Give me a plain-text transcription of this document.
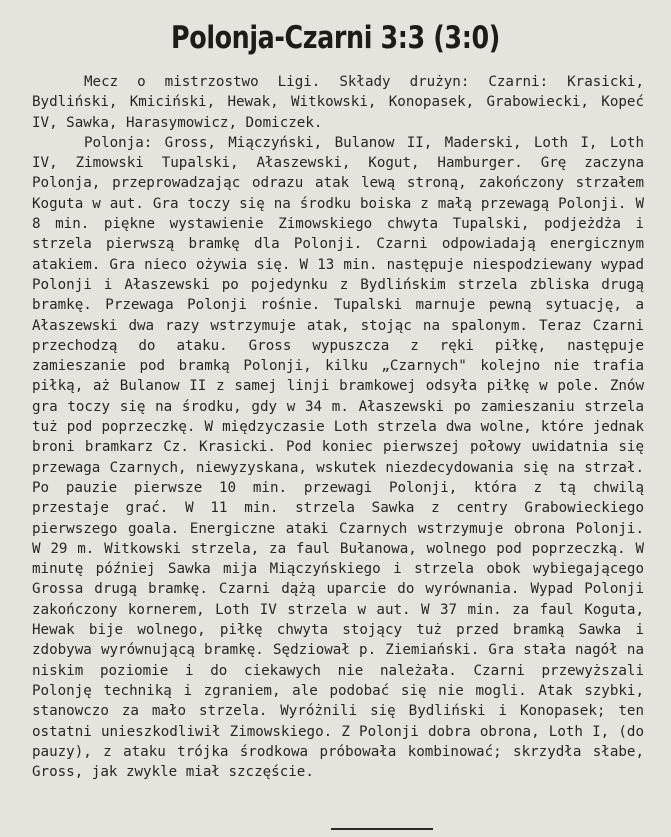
Polonja-Czarni 3:3 (3:0)

Mecz o mistrzostwo Ligi. Składy drużyn: Czarni: Krasicki, Bydliński, Kmiciński, Hewak, Witkowski, Konopasek, Grabowiecki, Kopeć IV, Sawka, Harasymowicz, Domiczek.

Polonja: Gross, Miączyński, Bulanow II, Maderski, Loth I, Loth IV, Zimowski Tupalski, Ałaszewski, Kogut, Hamburger. Grę zaczyna Polonja, przeprowadzając odrazu atak lewą stroną, zakończony strzałem Koguta w aut. Gra toczy się na środku boiska z małą przewagą Polonji. W 8 min. piękne wystawienie Zimowskiego chwyta Tupalski, podjeżdża i strzela pierwszą bramkę dla Polonji. Czarni odpowiadają energicznym atakiem. Gra nieco ożywia się. W 13 min. następuje niespodziewany wypad Polonji i Ałaszewski po pojedynku z Bydlińskim strzela zbliska drugą bramkę. Przewaga Polonji rośnie. Tupalski marnuje pewną sytuację, a Ałaszewski dwa razy wstrzymuje atak, stojąc na spalonym. Teraz Czarni przechodzą do ataku. Gross wypuszcza z ręki piłkę, następuje zamieszanie pod bramką Polonji, kilku „Czarnych" kolejno nie trafia piłką, aż Bulanow II z samej linji bramkowej odsyła piłkę w pole. Znów gra toczy się na środku, gdy w 34 m. Ałaszewski po zamieszaniu strzela tuż pod poprzeczkę. W międzyczasie Loth strzela dwa wolne, które jednak broni bramkarz Cz. Krasicki. Pod koniec pierwszej połowy uwidatnia się przewaga Czarnych, niewyzyskana, wskutek niezdecydowania się na strzał. Po pauzie pierwsze 10 min. przewagi Polonji, która z tą chwilą przestaje grać. W 11 min. strzela Sawka z centry Grabowieckiego pierwszego goala. Energiczne ataki Czarnych wstrzymuje obrona Polonji. W 29 m. Witkowski strzela, za faul Bułanowa, wolnego pod poprzeczką. W minutę później Sawka mija Miączyńskiego i strzela obok wybiegającego Grossa drugą bramkę. Czarni dążą uparcie do wyrównania. Wypad Polonji zakończony kornerem, Loth IV strzela w aut. W 37 min. za faul Koguta, Hewak bije wolnego, piłkę chwyta stojący tuż przed bramką Sawka i zdobywa wyrównującą bramkę. Sędziował p. Ziemiański. Gra stała nagół na niskim poziomie i do ciekawych nie należała. Czarni przewyższali Polonję techniką i zgraniem, ale podobać się nie mogli. Atak szybki, stanowczo za mało strzela. Wyróżnili się Bydliński i Konopasek; ten ostatni unieszkodliwił Zimowskiego. Z Polonji dobra obrona, Loth I, (do pauzy), z ataku trójka środkowa próbowała kombinować; skrzydła słabe, Gross, jak zwykle miał szczęście.
